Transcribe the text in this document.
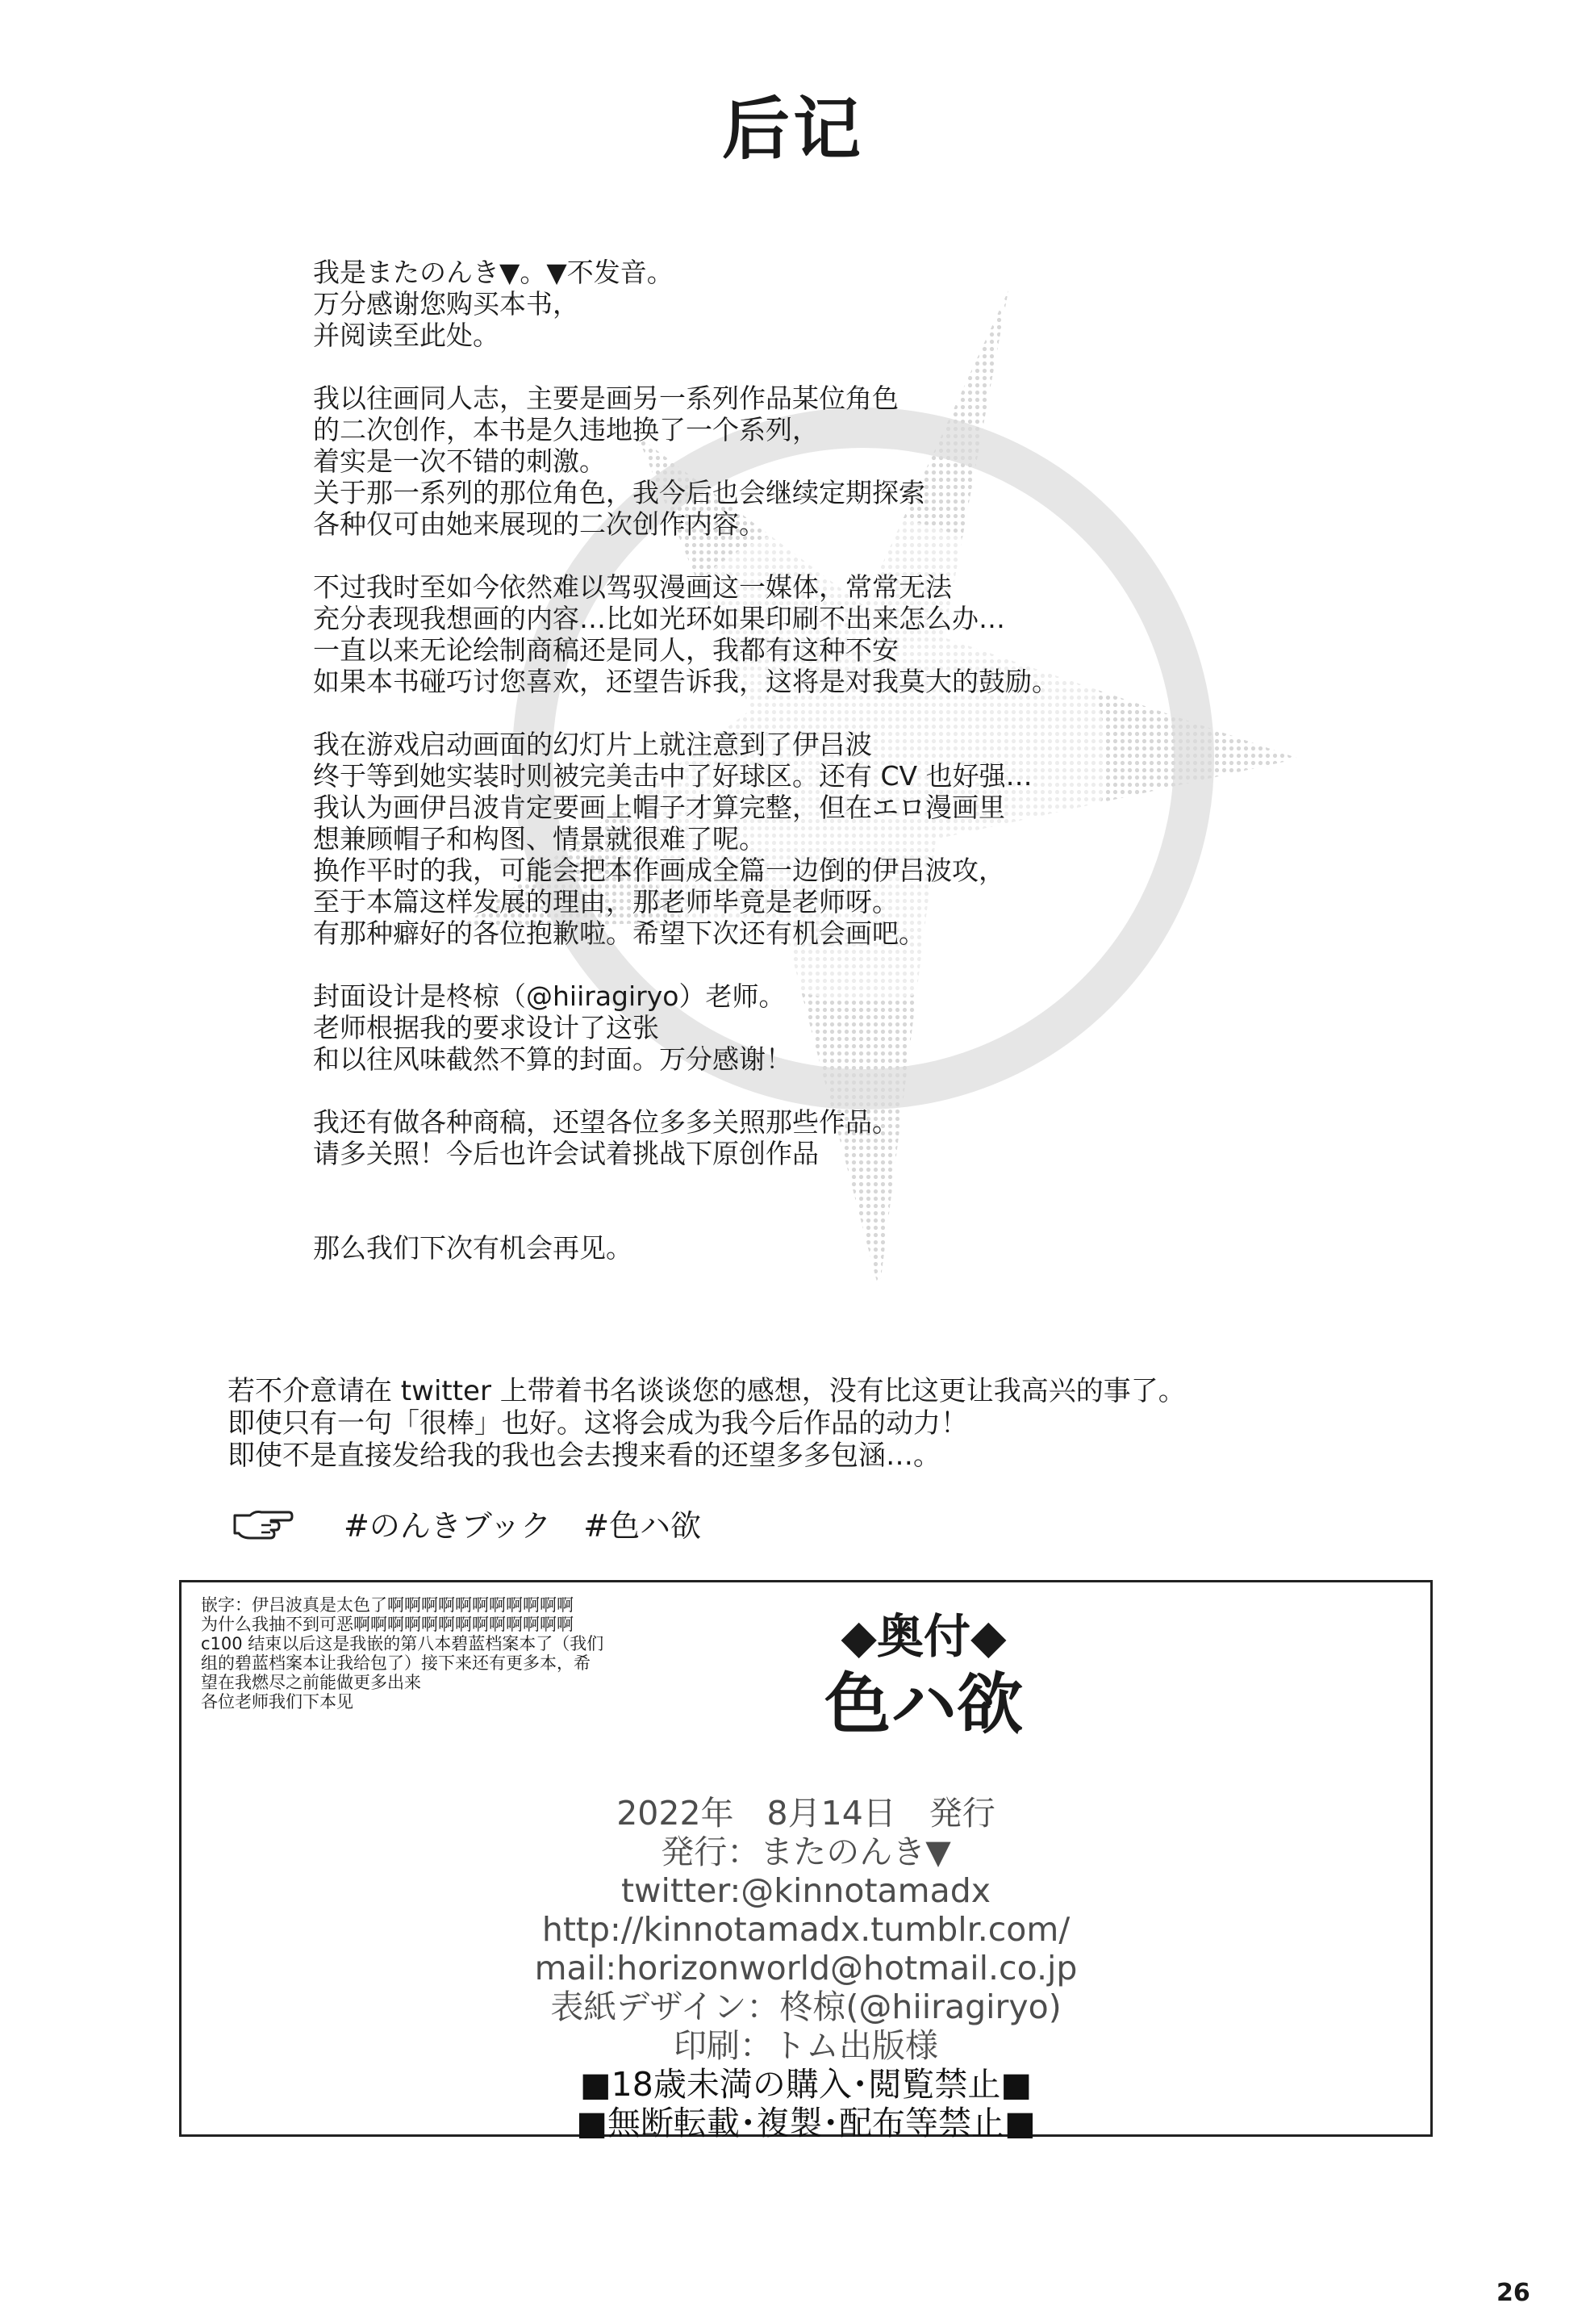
后记
我是またのんき▼。▼不发音。
万分感谢您购买本书，
并阅读至此处。
我以往画同人志，主要是画另一系列作品某位角色
的二次创作，本书是久违地换了一个系列，
着实是一次不错的刺激。
关于那一系列的那位角色，我今后也会继续定期探索
各种仅可由她来展现的二次创作内容。
不过我时至如今依然难以驾驭漫画这一媒体，常常无法
充分表现我想画的内容…比如光环如果印刷不出来怎么办…
一直以来无论绘制商稿还是同人，我都有这种不安
如果本书碰巧讨您喜欢，还望告诉我，这将是对我莫大的鼓励。
我在游戏启动画面的幻灯片上就注意到了伊吕波
终于等到她实装时则被完美击中了好球区。还有 CV 也好强…
我认为画伊吕波肯定要画上帽子才算完整，但在エロ漫画里
想兼顾帽子和构图、情景就很难了呢。
换作平时的我，可能会把本作画成全篇一边倒的伊吕波攻，
至于本篇这样发展的理由，那老师毕竟是老师呀。
有那种癖好的各位抱歉啦。希望下次还有机会画吧。
封面设计是柊椋（@hiiragiryo）老师。
老师根据我的要求设计了这张
和以往风味截然不算的封面。万分感谢！
我还有做各种商稿，还望各位多多关照那些作品。
请多关照！今后也许会试着挑战下原创作品
那么我们下次有机会再见。
若不介意请在 twitter 上带着书名谈谈您的感想，没有比这更让我高兴的事了。
即使只有一句「很棒」也好。这将会成为我今后作品的动力！
即使不是直接发给我的我也会去搜来看的还望多多包涵…。
#のんきブック #色ハ欲
嵌字：伊吕波真是太色了啊啊啊啊啊啊啊啊啊啊啊
为什么我抽不到可恶啊啊啊啊啊啊啊啊啊啊啊啊啊
c100 结束以后这是我嵌的第八本碧蓝档案本了（我们
组的碧蓝档案本让我给包了）接下来还有更多本，希
望在我燃尽之前能做更多出来
各位老师我们下本见
◆奥付◆
色ハ欲
2022年　8月14日　発行
発行：またのんき▼
twitter:@kinnotamadx
http://kinnotamadx.tumblr.com/
mail:horizonworld@hotmail.co.jp
表紙デザイン：柊椋(@hiiragiryo)
印刷：トム出版様
■18歳未満の購入･閲覧禁止■
■無断転載･複製･配布等禁止■
26
